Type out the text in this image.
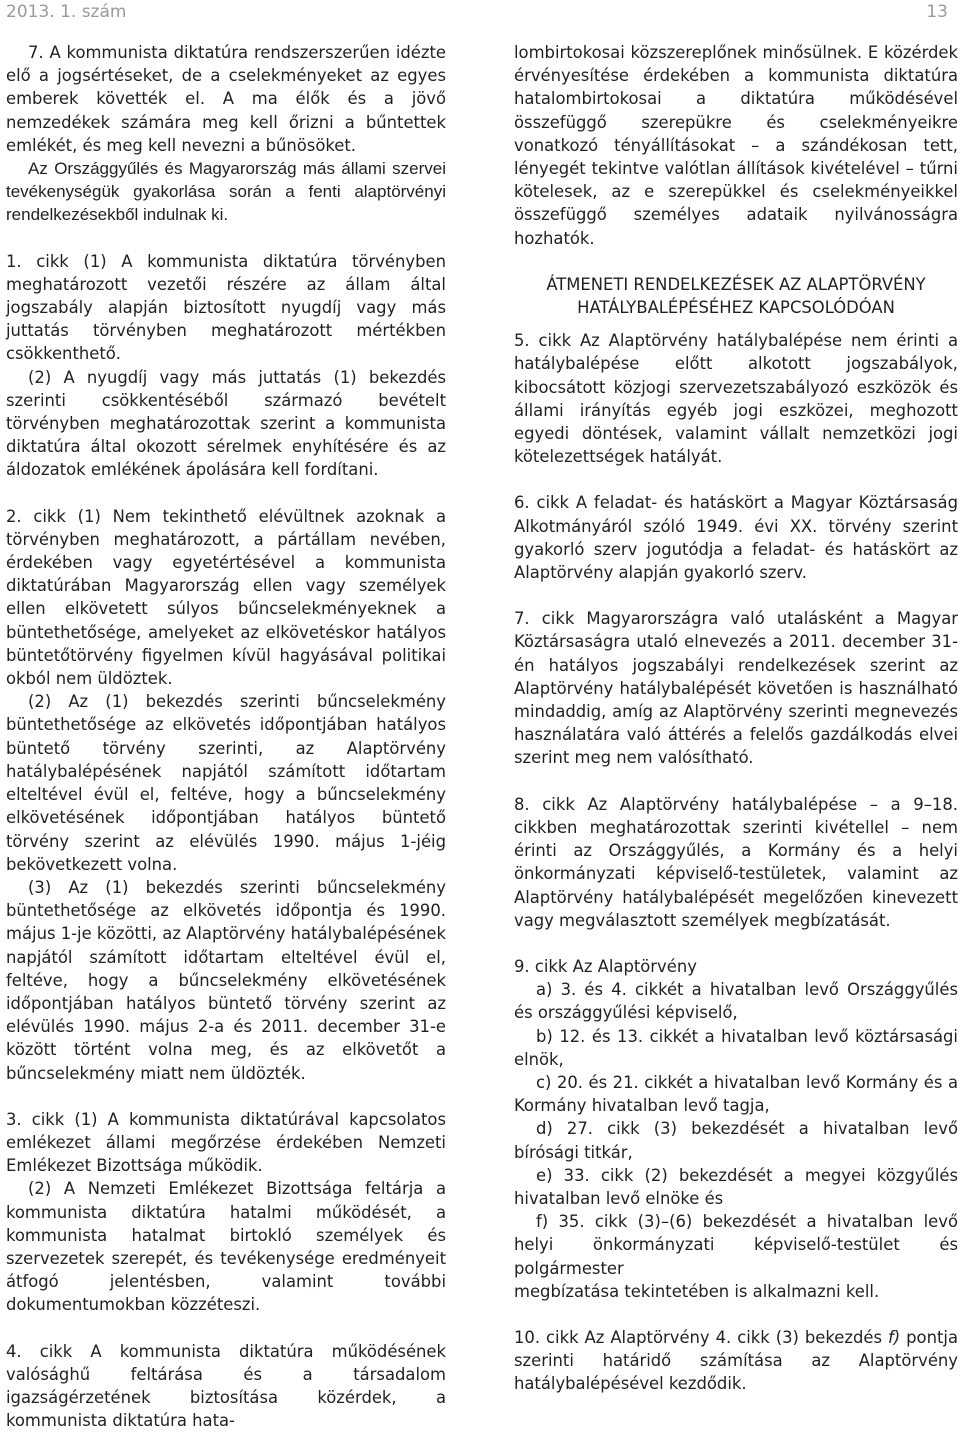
2013. 1. szám	13

7. A kommunista diktatúra rendszerszerűen idézte elő a jogsértéseket, de a cselekményeket az egyes emberek követték el. A ma élők és a jövő nemzedékek számára meg kell őrizni a bűntettek emlékét, és meg kell nevezni a bűnösöket.

Az Országgyűlés és Magyarország más állami szervei tevékenységük gyakorlása során a fenti alaptörvényi rendelkezésekből indulnak ki.

1. cikk (1) A kommunista diktatúra törvényben meghatározott vezetői részére az állam által jogszabály alapján biztosított nyugdíj vagy más juttatás törvényben meghatározott mértékben csökkenthető.

(2) A nyugdíj vagy más juttatás (1) bekezdés szerinti csökkentéséből származó bevételt törvényben meghatározottak szerint a kommunista diktatúra által okozott sérelmek enyhítésére és az áldozatok emlékének ápolására kell fordítani.

2. cikk (1) Nem tekinthető elévültnek azoknak a törvényben meghatározott, a pártállam nevében, érdekében vagy egyetértésével a kommunista diktatúrában Magyarország ellen vagy személyek ellen elkövetett súlyos bűncselekményeknek a büntethetősége, amelyeket az elkövetéskor hatályos büntetőtörvény figyelmen kívül hagyásával politikai okból nem üldöztek.

(2) Az (1) bekezdés szerinti bűncselekmény büntethetősége az elkövetés időpontjában hatályos büntető törvény szerinti, az Alaptörvény hatálybalépésének napjától számított időtartam elteltével évül el, feltéve, hogy a bűncselekmény elkövetésének időpontjában hatályos büntető törvény szerint az elévülés 1990. május 1-jéig bekövetkezett volna.

(3) Az (1) bekezdés szerinti bűncselekmény büntethetősége az elkövetés időpontja és 1990. május 1-je közötti, az Alaptörvény hatálybalépésének napjától számított időtartam elteltével évül el, feltéve, hogy a bűncselekmény elkövetésének időpontjában hatályos büntető törvény szerint az elévülés 1990. május 2-a és 2011. december 31-e között történt volna meg, és az elkövetőt a bűncselekmény miatt nem üldözték.

3. cikk (1) A kommunista diktatúrával kapcsolatos emlékezet állami megőrzése érdekében Nemzeti Emlékezet Bizottsága működik.

(2) A Nemzeti Emlékezet Bizottsága feltárja a kommunista diktatúra hatalmi működését, a kommunista hatalmat birtokló személyek és szervezetek szerepét, és tevékenysége eredményeit átfogó jelentésben, valamint további dokumentumokban közzéteszi.

4. cikk A kommunista diktatúra működésének valósághű feltárása és a társadalom igazságérzetének biztosítása közérdek, a kommunista diktatúra hata-

lombirtokosai közszereplőnek minősülnek. E közérdek érvényesítése érdekében a kommunista diktatúra hatalombirtokosai a diktatúra működésével összefüggő szerepükre és cselekményeikre vonatkozó tényállításokat – a szándékosan tett, lényegét tekintve valótlan állítások kivételével – tűrni kötelesek, az e szerepükkel és cselekményeikkel összefüggő személyes adataik nyilvánosságra hozhatók.

ÁTMENETI RENDELKEZÉSEK AZ ALAPTÖRVÉNY

HATÁLYBALÉPÉSÉHEZ KAPCSOLÓDÓAN

5. cikk Az Alaptörvény hatálybalépése nem érinti a hatálybalépése előtt alkotott jogszabályok, kibocsátott közjogi szervezetszabályozó eszközök és állami irányítás egyéb jogi eszközei, meghozott egyedi döntések, valamint vállalt nemzetközi jogi kötelezettségek hatályát.

6. cikk A feladat- és hatáskört a Magyar Köztársaság Alkotmányáról szóló 1949. évi XX. törvény szerint gyakorló szerv jogutódja a feladat- és hatáskört az Alaptörvény alapján gyakorló szerv.

7. cikk Magyarországra való utalásként a Magyar Köztársaságra utaló elnevezés a 2011. december 31-én hatályos jogszabályi rendelkezések szerint az Alaptörvény hatálybalépését követően is használható mindaddig, amíg az Alaptörvény szerinti megnevezés használatára való áttérés a felelős gazdálkodás elvei szerint meg nem valósítható.

8. cikk Az Alaptörvény hatálybalépése – a 9–18. cikkben meghatározottak szerinti kivétellel – nem érinti az Országgyűlés, a Kormány és a helyi önkormányzati képviselő-testületek, valamint az Alaptörvény hatálybalépését megelőzően kinevezett vagy megválasztott személyek megbízatását.

9. cikk Az Alaptörvény

a) 3. és 4. cikkét a hivatalban levő Országgyűlés és országgyűlési képviselő,

b) 12. és 13. cikkét a hivatalban levő köztársasági elnök,

c) 20. és 21. cikkét a hivatalban levő Kormány és a Kormány hivatalban levő tagja,

d) 27. cikk (3) bekezdését a hivatalban levő bírósági titkár,

e) 33. cikk (2) bekezdését a megyei közgyűlés hivatalban levő elnöke és

f) 35. cikk (3)–(6) bekezdését a hivatalban levő helyi önkormányzati képviselő-testület és polgármester

megbízatása tekintetében is alkalmazni kell.

10. cikk Az Alaptörvény 4. cikk (3) bekezdés f) pontja szerinti határidő számítása az Alaptörvény hatálybalépésével kezdődik.
